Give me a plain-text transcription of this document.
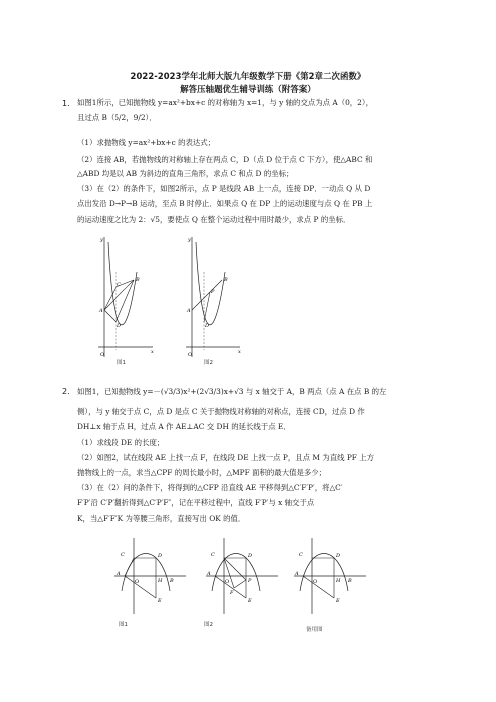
2022-2023学年北师大版九年级数学下册《第2章二次函数》
解答压轴题优生辅导训练（附答案）
1． 如图1所示，已知抛物线 y=ax²+bx+c 的对称轴为 x=1，与 y 轴的交点为点 A（0，2），
且过点 B（5/2，9/2）．
（1）求抛物线 y=ax²+bx+c 的表达式；
（2）连接 AB，若抛物线的对称轴上存在两点 C，D（点 D 位于点 C 下方），使△ABC 和
△ABD 均是以 AB 为斜边的直角三角形，求点 C 和点 D 的坐标；
（3）在（2）的条件下，如图2所示，点 P 是线段 AB 上一点，连接 DP．一动点 Q 从 D
点出发沿 D→P→B 运动，至点 B 时停止．如果点 Q 在 DP 上的运动速度与点 Q 在 PB 上
的运动速度之比为 2：√5，要使点 Q 在整个运动过程中用时最少，求点 P 的坐标．
O	x
y
A
B
C
D
图1
O	x
y
A
B
P
D
图2
2． 如图1，已知抛物线 y=－(√3/3)x²+(2√3/3)x+√3 与 x 轴交于 A，B 两点（点 A 在点 B 的左
侧），与 y 轴交于点 C，点 D 是点 C 关于抛物线对称轴的对称点，连接 CD，过点 D 作
DH⊥x 轴于点 H，过点 A 作 AE⊥AC 交 DH 的延长线于点 E．
（1）求线段 DE 的长度；
（2）如图2，试在线段 AE 上找一点 F，在线段 DE 上找一点 P，且点 M 为直线 PF 上方
抛物线上的一点，求当△CPF 的周长最小时，△MPF 面积的最大值是多少；
（3）在（2）问的条件下，将得到的△CFP 沿直线 AE 平移得到△C′F′P′，将△C′
F′P′沿 C′P′翻折得到△C′P′F″，记在平移过程中，直线 F′P′与 x 轴交于点
K，当△F′F″K 为等腰三角形，直接写出 OK 的值．
C	D
A
O	H B
E
图1
C	D
A
O	P
F
E
图2
C	D
A
O	H B
E
备用图
